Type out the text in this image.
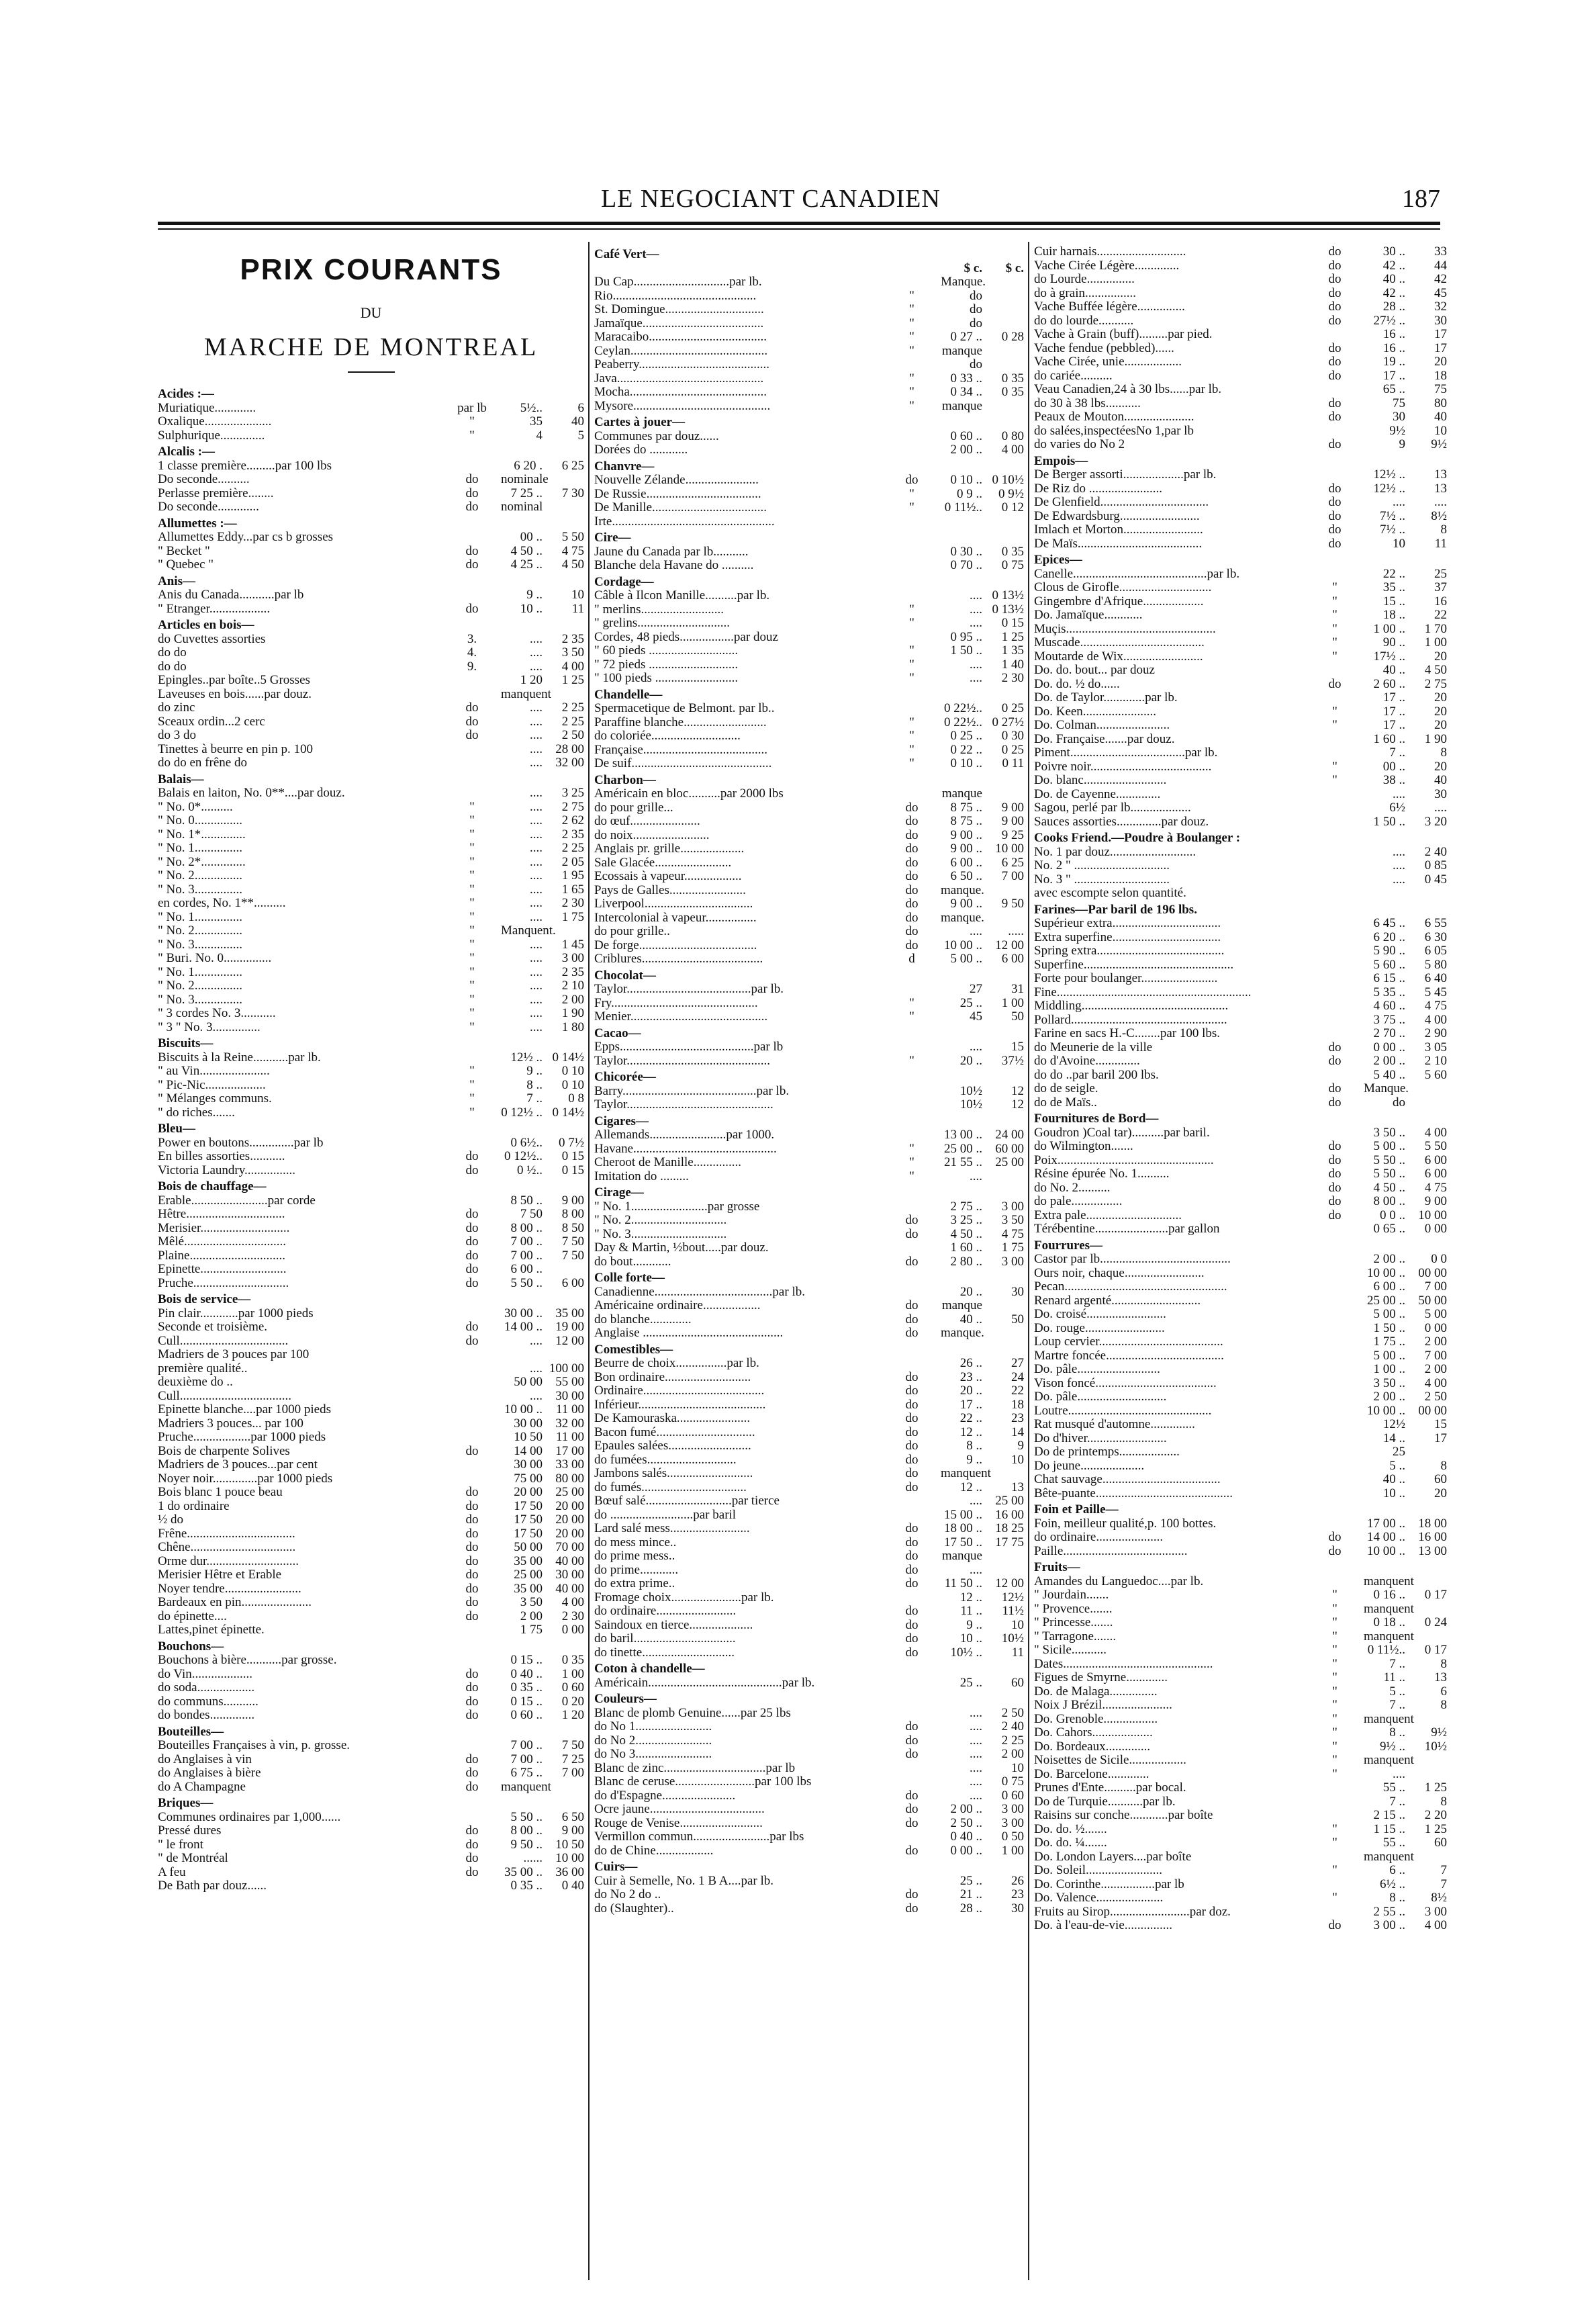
LE NEGOCIANT CANADIEN	187
PRIX COURANTS
DU
MARCHE DE MONTREAL
Acides :—
Muriatique.............	par lb	5½..	6
Oxalique.....................	"	35	40
Sulphurique..............	"	4	5
Alcalis :—
1 classe première.........par 100 lbs	6 20 .	6 25
Do seconde..........	do	nominale
Perlasse première........	do	7 25 ..	7 30
Do seconde.............	do	nominal
Allumettes :—
Allumettes Eddy...par cs b grosses	00 ..	5 50
" Becket "	do	4 50 ..	4 75
" Quebec "	do	4 25 ..	4 50
Anis—
Anis du Canada...........par lb	9 ..	10
" Etranger...................	do	10 ..	11
Articles en bois—
do Cuvettes assorties	3.	....	2 35
do do	4.	....	3 50
do do	9.	....	4 00
Epingles..par boîte..5 Grosses	1 20	1 25
Laveuses en bois......par douz.	manquent
do zinc	do	....	2 25
Sceaux ordin...2 cerc	do	....	2 25
do 3 do	do	....	2 50
Tinettes à beurre en pin p. 100	....	28 00
do do en frêne do	....	32 00
Balais—
Balais en laiton, No. 0**....par douz.	....	3 25
" No. 0*..........	"	....	2 75
" No. 0...............	"	....	2 62
" No. 1*..............	"	....	2 35
" No. 1...............	"	....	2 25
" No. 2*..............	"	....	2 05
" No. 2...............	"	....	1 95
" No. 3...............	"	....	1 65
en cordes, No. 1**..........	"	....	2 30
" No. 1...............	"	....	1 75
" No. 2...............	"	Manquent.
" No. 3...............	"	....	1 45
" Buri. No. 0...............	"	....	3 00
" No. 1...............	"	....	2 35
" No. 2...............	"	....	2 10
" No. 3...............	"	....	2 00
" 3 cordes No. 3...........	"	....	1 90
" 3 " No. 3...............	"	....	1 80
Biscuits—
Biscuits à la Reine...........par lb.	12½ .. 0 14½
" au Vin......................	"	9 ..	0 10
" Pic-Nic...................	"	8 ..	0 10
" Mélanges communs.	"	7 ..	0 8
" do riches.......	"	0 12½ .. 0 14½
Bleu—
Power en boutons..............par lb	0 6½..	0 7½
En billes assorties...........	do	0 12½..	0 15
Victoria Laundry................	do	0 ½..	0 15
Bois de chauffage—
Erable........................par corde	8 50 ..	9 00
Hêtre...............................	do	7 50	8 00
Merisier............................	do	8 00 ..	8 50
Mêlé................................	do	7 00 ..	7 50
Plaine..............................	do	7 00 ..	7 50
Epinette...........................	do	6 00 ..
Pruche..............................	do	5 50 ..	6 00
Bois de service—
Pin clair............par 1000 pieds	30 00 ..	35 00
Seconde et troisième.	do	14 00 ..	19 00
Cull..................................	do	....	12 00
Madriers de 3 pouces par 100
première qualité..	.... 100 00
deuxième do ..	50 00	55 00
Cull...................................	....	30 00
Epinette blanche....par 1000 pieds	10 00 ..	11 00
Madriers 3 pouces... par 100	30 00	32 00
Pruche..................par 1000 pieds	10 50	11 00
Bois de charpente Solives	do	14 00	17 00
Madriers de 3 pouces...par cent	30 00	33 00
Noyer noir..............par 1000 pieds	75 00	80 00
Bois blanc 1 pouce beau	do	20 00	25 00
1 do ordinaire	do	17 50	20 00
½ do	do	17 50	20 00
Frêne..................................	do	17 50	20 00
Chêne.................................	do	50 00	70 00
Orme dur.............................	do	35 00	40 00
Merisier Hêtre et Erable	do	25 00	30 00
Noyer tendre........................	do	35 00	40 00
Bardeaux en pin......................	do	3 50	4 00
do épinette....	do	2 00	2 30
Lattes,pinet épinette.	1 75	0 00
Bouchons—
Bouchons à bière...........par grosse.	0 15 ..	0 35
do Vin...................	do	0 40 ..	1 00
do soda..................	do	0 35 ..	0 60
do communs...........	do	0 15 ..	0 20
do bondes..............	do	0 60 ..	1 20
Bouteilles—
Bouteilles Françaises à vin, p. grosse.	7 00 ..	7 50
do Anglaises à vin	do	7 00 ..	7 25
do Anglaises à bière	do	6 75 ..	7 00
do A Champagne	do	manquent
Briques—
Communes ordinaires par 1,000......	5 50 ..	6 50
Pressé dures	do	8 00 ..	9 00
" le front	do	9 50 ..	10 50
" de Montréal	do	......	10 00
A feu	do	35 00 ..	36 00
De Bath par douz......	0 35 ..	0 40
Café Vert—
$ c.	$ c.
Du Cap..............................par lb.	Manque.
Rio.............................................	"	do
St. Domingue...............................	"	do
Jamaïque......................................	"	do
Maracaibo.....................................	"	0 27 ..	0 28
Ceylan...........................................	"	manque
Peaberry.........................................	do
Java..............................................	"	0 33 ..	0 35
Mocha...........................................	"	0 34 ..	0 35
Mysore...........................................	"	manque
Cartes à jouer—
Communes par douz......	0 60 ..	0 80
Dorées do ............	2 00 ..	4 00
Chanvre—
Nouvelle Zélande.......................	do	0 10 .. 0 10½
De Russie....................................	"	0 9 ..	0 9½
De Manille....................................	"	0 11½..	0 12
Irte...................................................
Cire—
Jaune du Canada par lb...........	0 30 ..	0 35
Blanche dela Havane do ..........	0 70 ..	0 75
Cordage—
Câble à Ilcon Manille..........par lb.	.... 0 13½
" merlins..........................	"	.... 0 13½
" grelins.............................	"	....	0 15
Cordes, 48 pieds.................par douz	0 95 ..	1 25
" 60 pieds ............................	"	1 50 ..	1 35
" 72 pieds ............................	"	....	1 40
" 100 pieds ..........................	"	....	2 30
Chandelle—
Spermacetique de Belmont. par lb..	0 22½..	0 25
Paraffine blanche..........................	"	0 22½.. 0 27½
do coloriée............................	"	0 25 ..	0 30
Française.......................................	"	0 22 ..	0 25
De suif............................................	"	0 10 ..	0 11
Charbon—
Américain en bloc..........par 2000 lbs	manque
do pour grille...	do	8 75 ..	9 00
do œuf......................	do	8 75 ..	9 00
do noix........................	do	9 00 ..	9 25
Anglais pr. grille....................	do	9 00 ..	10 00
Sale Glacée........................	do	6 00 ..	6 25
Ecossais à vapeur..................	do	6 50 ..	7 00
Pays de Galles........................	do	manque.
Liverpool..................................	do	9 00 ..	9 50
Intercolonial à vapeur................	do	manque.
do pour grille..	do	....	.....
De forge.....................................	do	10 00 ..	12 00
Criblures......................................	d	5 00 ..	6 00
Chocolat—
Taylor.......................................par lb.	27	31
Fry..............................................	"	25 ..	1 00
Menier...........................................	"	45	50
Cacao—
Epps..........................................par lb	....	15
Taylor.............................................	"	20 ..	37½
Chicorée—
Barry..........................................par lb.	10½	12
Taylor..............................................	10½	12
Cigares—
Allemands........................par 1000.	13 00 ..	24 00
Havane.............................................	"	25 00 ..	60 00
Cheroot de Manille...............	"	21 55 ..	25 00
Imitation do .........	"	....
Cirage—
" No. 1........................par grosse	2 75 ..	3 00
" No. 2..............................	do	3 25 ..	3 50
" No. 3..............................	do	4 50 ..	4 75
Day & Martin, ½bout.....par douz.	1 60 ..	1 75
do bout............	do	2 80 ..	3 00
Colle forte—
Canadienne.....................................par lb.	20 ..	30
Américaine ordinaire..................	do	manque
do blanche.............	do	40 ..	50
Anglaise ............................................	do	manque.
Comestibles—
Beurre de choix................par lb.	26 ..	27
Bon ordinaire...........................	do	23 ..	24
Ordinaire......................................	do	20 ..	22
Inférieur........................................	do	17 ..	18
De Kamouraska.......................	do	22 ..	23
Bacon fumé...............................	do	12 ..	14
Epaules salées..........................	do	8 ..	9
do fumées............................	do	9 ..	10
Jambons salés...........................	do	manquent
do fumés.................................	do	12 ..	13
Bœuf salé...........................par tierce	....	25 00
do ..........................par baril	15 00 ..	16 00
Lard salé mess.........................	do	18 00 ..	18 25
do mess mince..	do	17 50 ..	17 75
do prime mess..	do	manque
do prime............	do	....
do extra prime..	do	11 50 ..	12 00
Fromage choix......................par lb.	12 ..	12½
do ordinaire.........................	do	11 ..	11½
Saindoux en tierce....................	do	9 ..	10
do baril................................	do	10 ..	10½
do tinette.............................	do	10½ ..	11
Coton à chandelle—
Américain..........................................par lb.	25 ..	60
Couleurs—
Blanc de plomb Genuine......par 25 lbs	....	2 50
do No 1........................	do	....	2 40
do No 2........................	do	....	2 25
do No 3........................	do	....	2 00
Blanc de zinc................................par lb	....	10
Blanc de ceruse.........................par 100 lbs	....	0 75
do d'Espagne.......................	do	....	0 60
Ocre jaune....................................	do	2 00 ..	3 00
Rouge de Venise..........................	do	2 50 ..	3 00
Vermillon commun........................par lbs	0 40 ..	0 50
do de Chine..................	do	0 00 ..	1 00
Cuirs—
Cuir à Semelle, No. 1 B A....par lb.	25 ..	26
do No 2 do ..	do	21 ..	23
do (Slaughter)..	do	28 ..	30
Cuir harnais............................	do	30 ..	33
Vache Cirée Légère..............	do	42 ..	44
do Lourde...............	do	40 ..	42
do à grain................	do	42 ..	45
Vache Buffée légère...............	do	28 ..	32
do do lourde...........	do	27½ ..	30
Vache à Grain (buff).........par pied.	16 ..	17
Vache fendue (pebbled)......	do	16 ..	17
Vache Cirée, unie..................	do	19 ..	20
do cariée..........	do	17 ..	18
Veau Canadien,24 à 30 lbs......par lb.	65 ..	75
do 30 à 38 lbs...........	do	75	80
Peaux de Mouton......................	do	30	40
do salées,inspectéesNo 1,par lb	9½	10
do varies do No 2	do	9	9½
Empois—
De Berger assorti...................par lb.	12½ ..	13
De Riz do .......................	do	12½ ..	13
De Glenfield..................................	do	....	....
De Edwardsburg.........................	do	7½ ..	8½
Imlach et Morton.........................	do	7½ ..	8
De Maïs.......................................	do	10	11
Epices—
Canelle..........................................par lb.	22 ..	25
Clous de Girofle.............................	"	35 ..	37
Gingembre d'Afrique...................	"	15 ..	16
Do. Jamaïque............	"	18 ..	22
Muçis...............................................	"	1 00 ..	1 70
Muscade.......................................	"	90 ..	1 00
Moutarde de Wix.........................	"	17½ ..	20
Do. do. bout... par douz	40 ..	4 50
Do. do. ½ do......	do	2 60 ..	2 75
Do. de Taylor.............par lb.	17 ..	20
Do. Keen.......................	"	17 ..	20
Do. Colman.......................	"	17 ..	20
Do. Française.......par douz.	1 60 ..	1 90
Piment....................................par lb.	7 ..	8
Poivre noir......................................	"	00 ..	20
Do. blanc..........................	"	38 ..	40
Do. de Cayenne..............	....	30
Sagou, perlé par lb...................	6½	....
Sauces assorties..............par douz.	1 50 ..	3 20
Cooks Friend.—Poudre à Boulanger :
No. 1 par douz...........................	....	2 40
No. 2 " ..............................	....	0 85
No. 3 " ..............................	....	0 45
avec escompte selon quantité.
Farines—Par baril de 196 lbs.
Supérieur extra..................................	6 45 ..	6 55
Extra superfine..................................	6 20 ..	6 30
Spring extra........................................	5 90 ..	6 05
Superfine...............................................	5 60 ..	5 80
Forte pour boulanger........................	6 15 ..	6 40
Fine.............................................................	5 35 ..	5 45
Middling..............................................	4 60 ..	4 75
Pollard.................................................	3 75 ..	4 00
Farine en sacs H.-C........par 100 lbs.	2 70 ..	2 90
do Meunerie de la ville	do	0 00 ..	3 05
do d'Avoine..............	do	2 00 ..	2 10
do do ..par baril 200 lbs.	5 40 ..	5 60
do de seigle.	do	Manque.
do de Maïs..	do	do
Fournitures de Bord—
Goudron )Coal tar)..........par baril.	3 50 ..	4 00
do Wilmington.......	do	5 00 ..	5 50
Poix.................................................	do	5 50 ..	6 00
Résine épurée No. 1..........	do	5 50 ..	6 00
do No. 2..........	do	4 50 ..	4 75
do pale................	do	8 00 ..	9 00
Extra pale..............................	do	0 0 ..	10 00
Térébentine.......................par gallon	0 65 ..	0 00
Fourrures—
Castor par lb.........................................	2 00 ..	0 0
Ours noir, chaque.........................	10 00 ..	00 00
Pecan...................................................	6 00 ..	7 00
Renard argenté............................	25 00 ..	50 00
Do. croisé.........................	5 00 ..	5 00
Do. rouge.........................	1 50 ..	0 00
Loup cervier.......................................	1 75 ..	2 00
Martre foncée.....................................	5 00 ..	7 00
Do. pâle..........................	1 00 ..	2 00
Vison foncé......................................	3 50 ..	4 00
Do. pâle............................	2 00 ..	2 50
Loutre.............................................	10 00 ..	00 00
Rat musqué d'automne..............	12½	15
Do d'hiver.........................	14 ..	17
Do de printemps...................	25
Do jeune....................	5 ..	8
Chat sauvage.....................................	40 ..	60
Bête-puante...........................................	10 ..	20
Foin et Paille—
Foin, meilleur qualité,p. 100 bottes.	17 00 ..	18 00
do ordinaire.....................	do	14 00 ..	16 00
Paille.......................................	do	10 00 ..	13 00
Fruits—
Amandes du Languedoc....par lb.	manquent
" Jourdain.......	"	0 16 ..	0 17
" Provence.......	"	manquent
" Princesse.......	"	0 18 ..	0 24
" Tarragone.......	"	manquent
" Sicile...........	"	0 11½..	0 17
Dates...............................................	"	7 ..	8
Figues de Smyrne.............	"	11 ..	13
Do. de Malaga...............	"	5 ..	6
Noix J Brézil......................	"	7 ..	8
Do. Grenoble.................	"	manquent
Do. Cahors...................	"	8 ..	9½
Do. Bordeaux..............	"	9½ ..	10½
Noisettes de Sicile..................	"	manquent
Do. Barcelone.............	"	....
Prunes d'Ente..........par bocal.	55 ..	1 25
Do de Turquie...........par lb.	7 ..	8
Raisins sur conche............par boîte	2 15 ..	2 20
Do. do. ½.......	"	1 15 ..	1 25
Do. do. ¼.......	"	55 ..	60
Do. London Layers....par boîte	manquent
Do. Soleil........................	"	6 ..	7
Do. Corinthe.................par lb	6½ ..	7
Do. Valence.....................	"	8 ..	8½
Fruits au Sirop.........................par doz.	2 55 ..	3 00
Do. à l'eau-de-vie...............	do	3 00 ..	4 00
